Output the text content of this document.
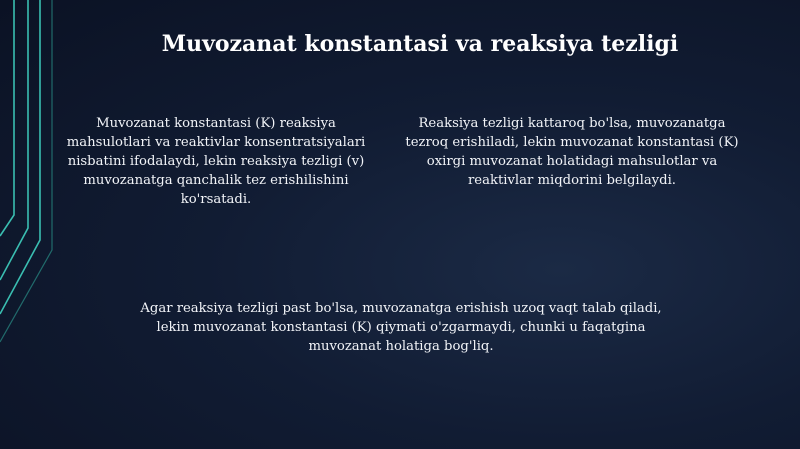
Muvozanat konstantasi va reaksiya tezligi

Muvozanat konstantasi (K) reaksiya mahsulotlari va reaktivlar konsentratsiyalari nisbatini ifodalaydi, lekin reaksiya tezligi (v) muvozanatga qanchalik tez erishilishini ko'rsatadi.

Reaksiya tezligi kattaroq bo'lsa, muvozanatga tezroq erishiladi, lekin muvozanat konstantasi (K) oxirgi muvozanat holatidagi mahsulotlar va reaktivlar miqdorini belgilaydi.

Agar reaksiya tezligi past bo'lsa, muvozanatga erishish uzoq vaqt talab qiladi, lekin muvozanat konstantasi (K) qiymati o'zgarmaydi, chunki u faqatgina muvozanat holatiga bog'liq.
